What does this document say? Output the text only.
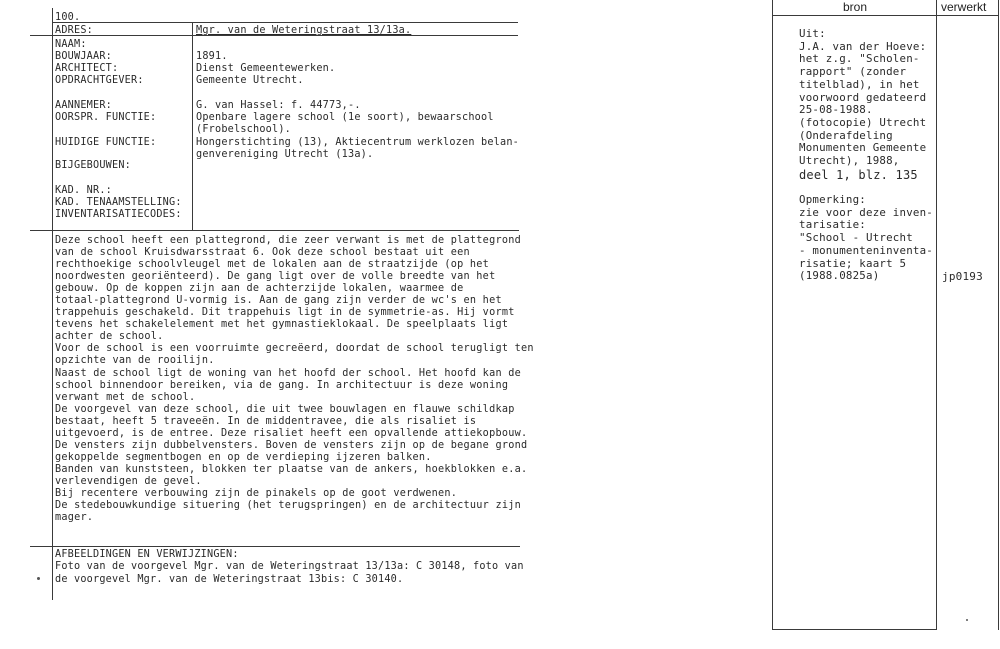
100.
ADRES:	Mgr. van de Weteringstraat 13/13a.
NAAM:
BOUWJAAR:	1891.
ARCHITECT:	Dienst Gemeentewerken.
OPDRACHTGEVER:	Gemeente Utrecht.
AANNEMER:	G. van Hassel: f. 44773,-.
OORSPR. FUNCTIE:	Openbare lagere school (1e soort), bewaarschool
(Frobelschool).
HUIDIGE FUNCTIE:	Hongerstichting (13), Aktiecentrum werklozen belan-
genvereniging Utrecht (13a).
BIJGEBOUWEN:
KAD. NR.:
KAD. TENAAMSTELLING:
INVENTARISATIECODES:
Deze school heeft een plattegrond, die zeer verwant is met de plattegrond
van de school Kruisdwarsstraat 6. Ook deze school bestaat uit een
rechthoekige schoolvleugel met de lokalen aan de straatzijde (op het
noordwesten georiënteerd). De gang ligt over de volle breedte van het
gebouw. Op de koppen zijn aan de achterzijde lokalen, waarmee de
totaal-plattegrond U-vormig is. Aan de gang zijn verder de wc's en het
trappehuis geschakeld. Dit trappehuis ligt in de symmetrie-as. Hij vormt
tevens het schakelelement met het gymnastieklokaal. De speelplaats ligt
achter de school.
Voor de school is een voorruimte gecreëerd, doordat de school terugligt ten
opzichte van de rooilijn.
Naast de school ligt de woning van het hoofd der school. Het hoofd kan de
school binnendoor bereiken, via de gang. In architectuur is deze woning
verwant met de school.
De voorgevel van deze school, die uit twee bouwlagen en flauwe schildkap
bestaat, heeft 5 traveeën. In de middentravee, die als risaliet is
uitgevoerd, is de entree. Deze risaliet heeft een opvallende attiekopbouw.
De vensters zijn dubbelvensters. Boven de vensters zijn op de begane grond
gekoppelde segmentbogen en op de verdieping ijzeren balken.
Banden van kunststeen, blokken ter plaatse van de ankers, hoekblokken e.a.
verlevendigen de gevel.
Bij recentere verbouwing zijn de pinakels op de goot verdwenen.
De stedebouwkundige situering (het terugspringen) en de architectuur zijn
mager.
AFBEELDINGEN EN VERWIJZINGEN:
Foto van de voorgevel Mgr. van de Weteringstraat 13/13a: C 30148, foto van
de voorgevel Mgr. van de Weteringstraat 13bis: C 30140.
bron	verwerkt
Uit:
J.A. van der Hoeve:
het z.g. "Scholen-
rapport" (zonder
titelblad), in het
voorwoord gedateerd
25-08-1988.
(fotocopie) Utrecht
(Onderafdeling
Monumenten Gemeente
Utrecht), 1988,
deel 1, blz. 135
Opmerking:
zie voor deze inven-
tarisatie:
"School - Utrecht
- monumenteninventa-
risatie; kaart 5
(1988.0825a)	jp0193
